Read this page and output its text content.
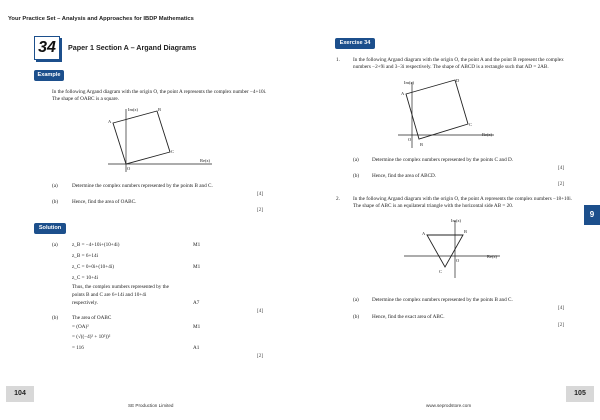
Your Practice Set – Analysis and Approaches for IBDP Mathematics
34	Paper 1 Section A – Argand Diagrams
Example
In the following Argand diagram with the origin O, the point A represents the complex number −4+10i. The shape of OABC is a square.
Im(z)
Re(z)
A
B
C
O
(a)	Determine the complex numbers represented by the points B and C.
[4]
(b)	Hence, find the area of OABC.
[2]
Solution
(a)	z_B = −4+10i+(10+4i)	M1
z_B = 6+14i
z_C = 0+0i+(10+4i)	M1
z_C = 10+4i
Thus, the complex numbers represented by the
points B and C are 6+14i and 10+4i
respectively.	A7
[4]
(b)	The area of OABC
= (OA)²	M1
= (√((−4)² + 10²))²
= 116	A1
[2]
104
SE Production Limited
Exercise 34
1.	In the following Argand diagram with the origin O, the point A and the point B represent the complex numbers −2+9i and 3−3i respectively. The shape of ABCD is a rectangle such that AD = 2AB.
Im(z)
Re(z)
A
B
C
D
O
(a)	Determine the complex numbers represented by the points C and D.
[4]
(b) Hence, find the area of ABCD.
[2]
2.	In the following Argand diagram with the origin O, the point A represents the complex numbers −18+10i. The shape of ABC is an equilateral triangle with the horizontal side AB = 20.
Im(z)
Re(z)
A	B
C
O
(a)	Determine the complex numbers represented by the points B and C.
[4]
(b) Hence, find the exact area of ABC.
[2]
9
105
www.seprodstore.com
